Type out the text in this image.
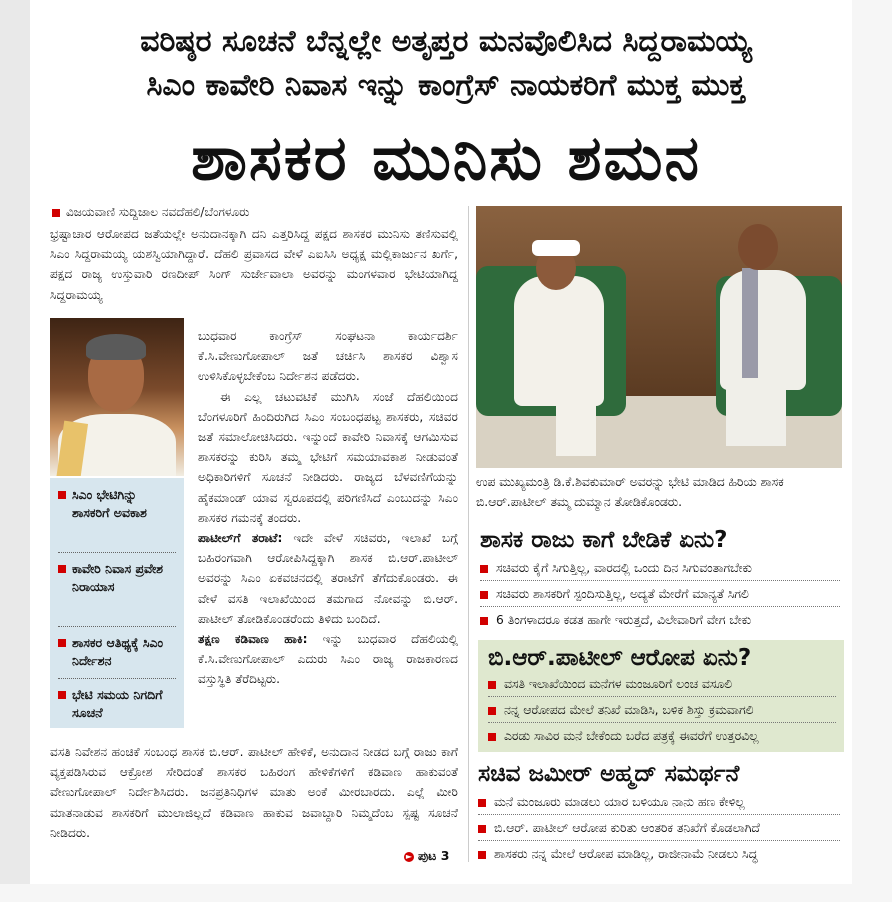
ವರಿಷ್ಠರ ಸೂಚನೆ ಬೆನ್ನಲ್ಲೇ ಅತೃಪ್ತರ ಮನವೊಲಿಸಿದ ಸಿದ್ದರಾಮಯ್ಯ
ಸಿಎಂ ಕಾವೇರಿ ನಿವಾಸ ಇನ್ನು ಕಾಂಗ್ರೆಸ್ ನಾಯಕರಿಗೆ ಮುಕ್ತ ಮುಕ್ತ
ಶಾಸಕರ ಮುನಿಸು ಶಮನ
ವಿಜಯವಾಣಿ ಸುದ್ದಿಜಾಲ ನವದೆಹಲಿ/ಬೆಂಗಳೂರು
ಭ್ರಷ್ಟಾಚಾರ ಆರೋಪದ ಜತೆಯಲ್ಲೇ ಅನುದಾನಕ್ಕಾಗಿ ದನಿ ಎತ್ತರಿಸಿದ್ದ ಪಕ್ಷದ ಶಾಸಕರ ಮುನಿಸು ತಣಿಸುವಲ್ಲಿ ಸಿಎಂ ಸಿದ್ದರಾಮಯ್ಯ ಯಶಸ್ವಿಯಾಗಿದ್ದಾರೆ. ದೆಹಲಿ ಪ್ರವಾಸದ ವೇಳೆ ಎಐಸಿಸಿ ಅಧ್ಯಕ್ಷ ಮಲ್ಲಿಕಾರ್ಜುನ ಖರ್ಗೆ, ಪಕ್ಷದ ರಾಜ್ಯ ಉಸ್ತುವಾರಿ ರಣದೀಪ್ ಸಿಂಗ್ ಸುರ್ಜೇವಾಲಾ ಅವರನ್ನು ಮಂಗಳವಾರ ಭೇಟಿಯಾಗಿದ್ದ ಸಿದ್ದರಾಮಯ್ಯ
ಬುಧವಾರ ಕಾಂಗ್ರೆಸ್ ಸಂಘಟನಾ ಕಾರ್ಯದರ್ಶಿ ಕೆ.ಸಿ.ವೇಣುಗೋಪಾಲ್ ಜತೆ ಚರ್ಚಿಸಿ ಶಾಸಕರ ವಿಶ್ವಾಸ ಉಳಿಸಿಕೊಳ್ಳಬೇಕೆಂಬ ನಿರ್ದೇಶನ ಪಡೆದರು.
ಈ ಎಲ್ಲ ಚಟುವಟಿಕೆ ಮುಗಿಸಿ ಸಂಜೆ ದೆಹಲಿಯಿಂದ ಬೆಂಗಳೂರಿಗೆ ಹಿಂದಿರುಗಿದ ಸಿಎಂ ಸಂಬಂಧಪಟ್ಟ ಶಾಸಕರು, ಸಚಿವರ ಜತೆ ಸಮಾಲೋಚಿಸಿದರು. ಇನ್ನುಂದೆ ಕಾವೇರಿ ನಿವಾಸಕ್ಕೆ ಆಗಮಿಸುವ ಶಾಸಕರನ್ನು ಕುರಿಸಿ ತಮ್ಮ ಭೇಟಿಗೆ ಸಮಯಾವಕಾಶ ನೀಡುವಂತೆ ಅಧಿಕಾರಿಗಳಿಗೆ ಸೂಚನೆ ನೀಡಿದರು. ರಾಜ್ಯದ ಬೆಳವಣಿಗೆಯನ್ನು ಹೈಕಮಾಂಡ್ ಯಾವ ಸ್ವರೂಪದಲ್ಲಿ ಪರಿಗಣಿಸಿದೆ ಎಂಬುದನ್ನು ಸಿಎಂ ಶಾಸಕರ ಗಮನಕ್ಕೆ ತಂದರು.
ಪಾಟೀಲ್‌ಗೆ ತರಾಟೆ: ಇದೇ ವೇಳೆ ಸಚಿವರು, ಇಲಾಖೆ ಬಗ್ಗೆ ಬಹಿರಂಗವಾಗಿ ಆರೋಪಿಸಿದ್ದಕ್ಕಾಗಿ ಶಾಸಕ ಬಿ.ಆರ್.ಪಾಟೀಲ್ ಅವರನ್ನು ಸಿಎಂ ಏಕವಚನದಲ್ಲಿ ತರಾಟೆಗೆ ತೆಗೆದುಕೊಂಡರು. ಈ ವೇಳೆ ವಸತಿ ಇಲಾಖೆಯಿಂದ ತಮಗಾದ ನೋವನ್ನು ಬಿ.ಆರ್. ಪಾಟೀಲ್ ತೋಡಿಕೊಂಡರೆಂದು ತಿಳಿದು ಬಂದಿದೆ.
ತಕ್ಷಣ ಕಡಿವಾಣ ಹಾಕಿ: ಇನ್ನು ಬುಧವಾರ ದೆಹಲಿಯಲ್ಲಿ ಕೆ.ಸಿ.ವೇಣುಗೋಪಾಲ್ ಎದುರು ಸಿಎಂ ರಾಜ್ಯ ರಾಜಕಾರಣದ ವಸ್ತುಸ್ಥಿತಿ ತೆರೆದಿಟ್ಟರು.
ವಸತಿ ನಿವೇಶನ ಹಂಚಿಕೆ ಸಂಬಂಧ ಶಾಸಕ ಬಿ.ಆರ್. ಪಾಟೀಲ್ ಹೇಳಿಕೆ, ಅನುದಾನ ನೀಡದ ಬಗ್ಗೆ ರಾಜು ಕಾಗೆ ವ್ಯಕ್ತಪಡಿಸಿರುವ ಆಕ್ರೋಶ ಸೇರಿದಂತೆ ಶಾಸಕರ ಬಹಿರಂಗ ಹೇಳಿಕೆಗಳಿಗೆ ಕಡಿವಾಣ ಹಾಕುವಂತೆ ವೇಣುಗೋಪಾಲ್ ನಿರ್ದೇಶಿಸಿದರು. ಜನಪ್ರತಿನಿಧಿಗಳ ಮಾತು ಅಂಕೆ ಮೀರಬಾರದು. ಎಲ್ಲೆ ಮೀರಿ ಮಾತನಾಡುವ ಶಾಸಕರಿಗೆ ಮುಲಾಜಿಲ್ಲದೆ ಕಡಿವಾಣ ಹಾಕುವ ಜವಾಬ್ದಾರಿ ನಿಮ್ಮದೆಂಬ ಸ್ಪಷ್ಟ ಸೂಚನೆ ನೀಡಿದರು.
► ಪುಟ 3
ಸಿಎಂ ಭೇಟಿಗಿನ್ನು ಶಾಸಕರಿಗೆ ಅವಕಾಶ
ಕಾವೇರಿ ನಿವಾಸ ಪ್ರವೇಶ ನಿರಾಯಾಸ
ಶಾಸಕರ ಆತಿಥ್ಯಕ್ಕೆ ಸಿಎಂ ನಿರ್ದೇಶನ
ಭೇಟಿ ಸಮಯ ನಿಗದಿಗೆ ಸೂಚನೆ
ಉಪ ಮುಖ್ಯಮಂತ್ರಿ ಡಿ.ಕೆ.ಶಿವಕುಮಾರ್ ಅವರನ್ನು ಭೇಟಿ ಮಾಡಿದ ಹಿರಿಯ ಶಾಸಕ ಬಿ.ಆರ್.ಪಾಟೀಲ್ ತಮ್ಮ ದುಮ್ಮಾನ ತೋಡಿಕೊಂಡರು.
ಶಾಸಕ ರಾಜು ಕಾಗೆ ಬೇಡಿಕೆ ಏನು?
ಸಚಿವರು ಕೈಗೆ ಸಿಗುತ್ತಿಲ್ಲ, ವಾರದಲ್ಲಿ ಒಂದು ದಿನ ಸಿಗುವಂತಾಗಬೇಕು
ಸಚಿವರು ಶಾಸಕರಿಗೆ ಸ್ಪಂದಿಸುತ್ತಿಲ್ಲ, ಅದ್ಯತೆ ಮೇರೆಗೆ ಮಾನ್ಯತೆ ಸಿಗಲಿ
6 ತಿಂಗಳಾದರೂ ಕಡತ ಹಾಗೇ ಇರುತ್ತದೆ, ವಿಲೇವಾರಿಗೆ ವೇಗ ಬೇಕು
ಬಿ.ಆರ್.ಪಾಟೀಲ್ ಆರೋಪ ಏನು?
ವಸತಿ ಇಲಾಖೆಯಿಂದ ಮನೆಗಳ ಮಂಜೂರಿಗೆ ಲಂಚ ವಸೂಲಿ
ನನ್ನ ಆರೋಪದ ಮೇಲೆ ತನಿಖೆ ಮಾಡಿಸಿ, ಬಳಿಕ ಶಿಸ್ತು ಕ್ರಮವಾಗಲಿ
ಎರಡು ಸಾವಿರ ಮನೆ ಬೇಕೆಂದು ಬರೆದ ಪತ್ರಕ್ಕೆ ಈವರೆಗೆ ಉತ್ತರವಿಲ್ಲ
ಸಚಿವ ಜಮೀರ್ ಅಹ್ಮದ್ ಸಮರ್ಥನೆ
ಮನೆ ಮಂಜೂರು ಮಾಡಲು ಯಾರ ಬಳಿಯೂ ನಾನು ಹಣ ಕೇಳಿಲ್ಲ
ಬಿ.ಆರ್. ಪಾಟೀಲ್ ಆರೋಪ ಕುರಿತು ಆಂತರಿಕ ತನಿಖೆಗೆ ಕೊಡಲಾಗಿದೆ
ಶಾಸಕರು ನನ್ನ ಮೇಲೆ ಆರೋಪ ಮಾಡಿಲ್ಲ, ರಾಜೀನಾಮೆ ನೀಡಲು ಸಿದ್ಧ
